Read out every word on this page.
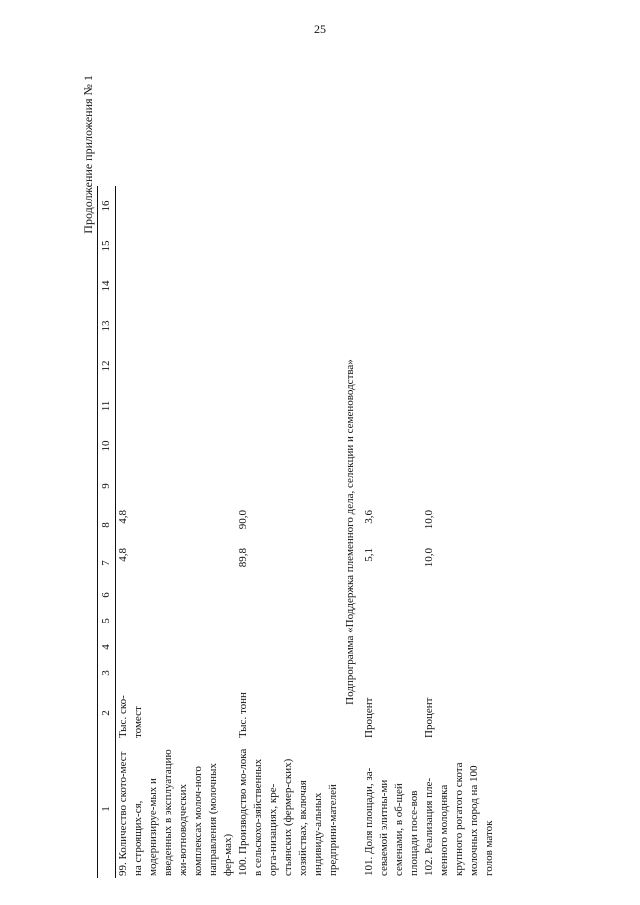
25
Продолжение приложения № 1
1	2	3	4	5	6	7	8	9	10	11	12	13	14	15	16
99. Количество ското-мест на строящих-ся, модернизируе-мых и введенных в эксплуатацию жи-вотноводческих комплексах молоч-ного направления (молочных фер-мах)	Тыс. ско-томест					4,8	4,8								

100. Производство мо-лока в сельскохо-зяйственных орга-низациях, кре-стьянских (фермер-ских) хозяйствах, включая индивиду-альных предприни-мателей	Тыс. тонн					89,8	90,0								

Подпрограмма «Поддержка племенного дела, селекции и семеноводства»															
101. Доля площади, за-севаемой элитны-ми семенами, в об-щей площади посе-вов	Процент					5,1	3,6								

102. Реализация пле-менного молодняка крупного рогатого скота молочных пород на 100 голов маток	Процент					10,0	10,0								
